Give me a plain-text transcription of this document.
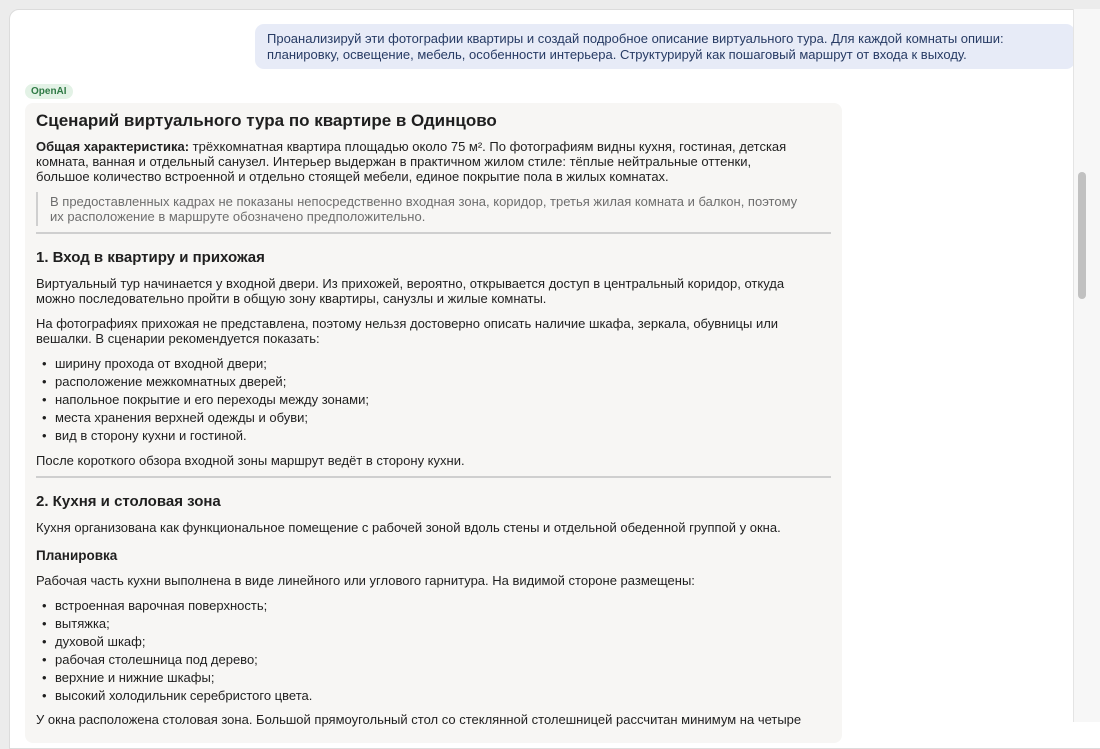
Проанализируй эти фотографии квартиры и создай подробное описание виртуального тура. Для каждой комнаты опиши:
планировку, освещение, мебель, особенности интерьера. Структурируй как пошаговый маршрут от входа к выходу.
OpenAI
Сценарий виртуального тура по квартире в Одинцово
Общая характеристика: трёхкомнатная квартира площадью около 75 м². По фотографиям видны кухня, гостиная, детская
комната, ванная и отдельный санузел. Интерьер выдержан в практичном жилом стиле: тёплые нейтральные оттенки,
большое количество встроенной и отдельно стоящей мебели, единое покрытие пола в жилых комнатах.
В предоставленных кадрах не показаны непосредственно входная зона, коридор, третья жилая комната и балкон, поэтому
их расположение в маршруте обозначено предположительно.
1. Вход в квартиру и прихожая
Виртуальный тур начинается у входной двери. Из прихожей, вероятно, открывается доступ в центральный коридор, откуда
можно последовательно пройти в общую зону квартиры, санузлы и жилые комнаты.
На фотографиях прихожая не представлена, поэтому нельзя достоверно описать наличие шкафа, зеркала, обувницы или
вешалки. В сценарии рекомендуется показать:
• ширину прохода от входной двери;
• расположение межкомнатных дверей;
• напольное покрытие и его переходы между зонами;
• места хранения верхней одежды и обуви;
• вид в сторону кухни и гостиной.
После короткого обзора входной зоны маршрут ведёт в сторону кухни.
2. Кухня и столовая зона
Кухня организована как функциональное помещение с рабочей зоной вдоль стены и отдельной обеденной группой у окна.
Планировка
Рабочая часть кухни выполнена в виде линейного или углового гарнитура. На видимой стороне размещены:
• встроенная варочная поверхность;
• вытяжка;
• духовой шкаф;
• рабочая столешница под дерево;
• верхние и нижние шкафы;
• высокий холодильник серебристого цвета.
У окна расположена столовая зона. Большой прямоугольный стол со стеклянной столешницей рассчитан минимум на четыре
